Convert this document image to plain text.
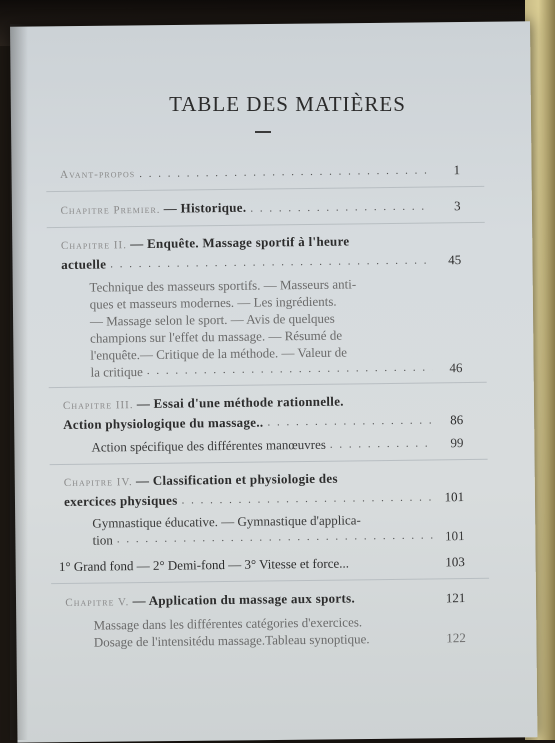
TABLE DES MATIÈRES
Avant-propos . . .	1
Chapitre Premier. — Historique. . . .	3
Chapitre II. — Enquête. Massage sportif à l'heure
actuelle . . .	45
Technique des masseurs sportifs. — Masseurs anti-
ques et masseurs modernes. — Les ingrédients.
— Massage selon le sport. — Avis de quelques
champions sur l'effet du massage. — Résumé de
l'enquête.— Critique de la méthode. — Valeur de
la critique . . .	46
Chapitre III. — Essai d'une méthode rationnelle.
Action physiologique du massage.. . . .	86
Action spécifique des différentes manœuvres . . .	99
Chapitre IV. — Classification et physiologie des
exercices physiques . . .	101
Gymnastique éducative. — Gymnastique d'applica-
tion . . .	101
1° Grand fond — 2° Demi-fond — 3° Vitesse et force...	103
Chapitre V. — Application du massage aux sports.	121
Massage dans les différentes catégories d'exercices.
Dosage de l'intensitédu massage.Tableau synoptique.	122
